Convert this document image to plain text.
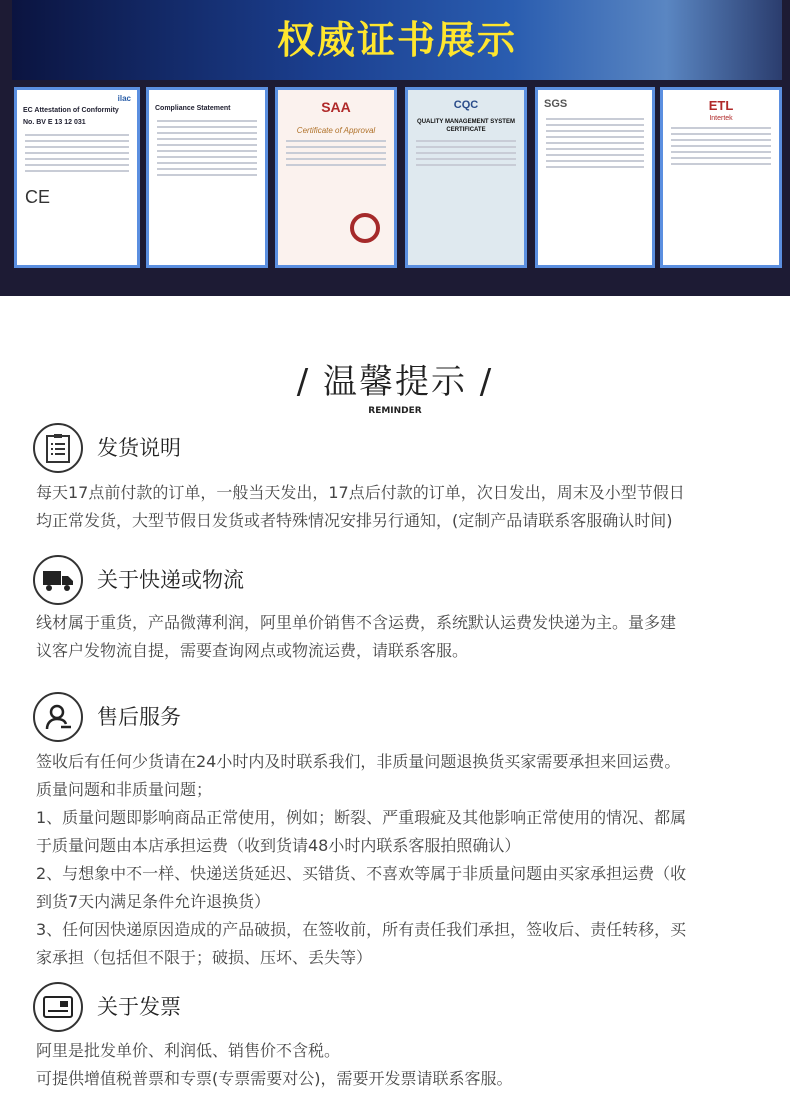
权威证书展示
ilac
EC Attestation of Conformity
No. BV E 13 12 031
CE
Compliance Statement	SAA
Certificate of Approval
CQC
QUALITY MANAGEMENT SYSTEM CERTIFICATE
SGS	ETL
Intertek
/ 温馨提示 /
REMINDER
发货说明
每天17点前付款的订单，一般当天发出，17点后付款的订单，次日发出，周末及小型节假日
均正常发货，大型节假日发货或者特殊情况安排另行通知，(定制产品请联系客服确认时间)
关于快递或物流
线材属于重货，产品微薄利润，阿里单价销售不含运费，系统默认运费发快递为主。量多建
议客户发物流自提，需要查询网点或物流运费，请联系客服。
售后服务
签收后有任何少货请在24小时内及时联系我们，非质量问题退换货买家需要承担来回运费。
质量问题和非质量问题；
1、质量问题即影响商品正常使用，例如；断裂、严重瑕疵及其他影响正常使用的情况、都属
于质量问题由本店承担运费（收到货请48小时内联系客服拍照确认）
2、与想象中不一样、快递送货延迟、买错货、不喜欢等属于非质量问题由买家承担运费（收
到货7天内满足条件允许退换货）
3、任何因快递原因造成的产品破损，在签收前，所有责任我们承担，签收后、责任转移，买
家承担（包括但不限于；破损、压坏、丢失等）
关于发票
阿里是批发单价、利润低、销售价不含税。
可提供增值税普票和专票(专票需要对公)，需要开发票请联系客服。
